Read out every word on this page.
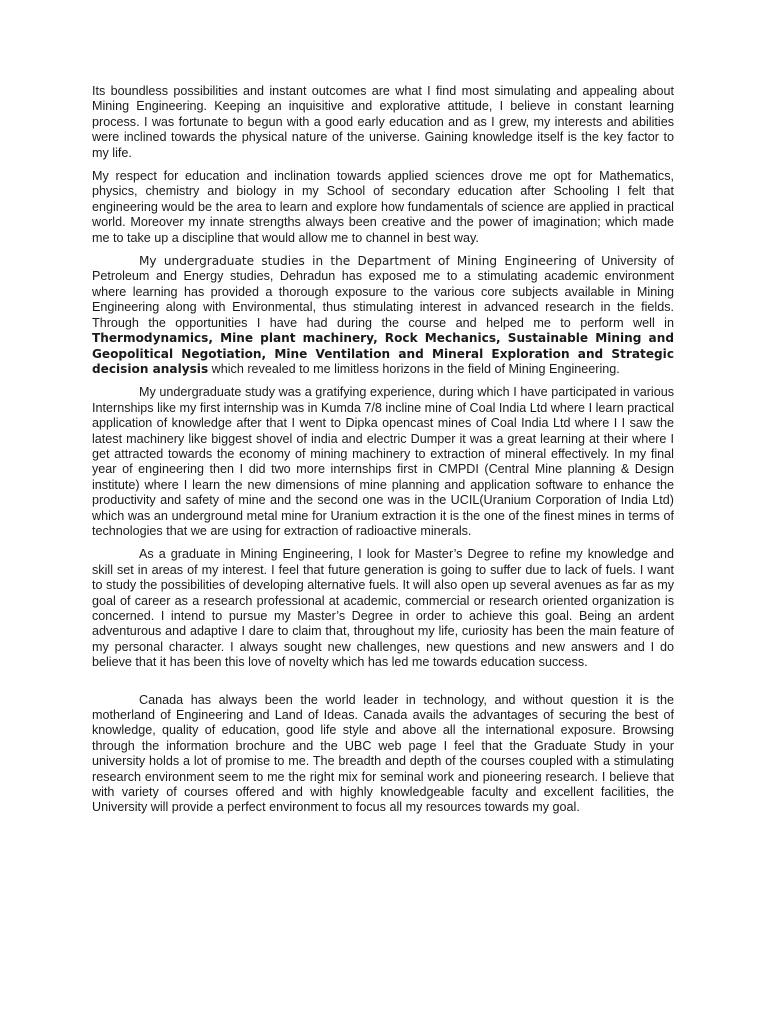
Its boundless possibilities and instant outcomes are what I find most simulating and appealing about Mining Engineering. Keeping an inquisitive and explorative attitude, I believe in constant learning process. I was fortunate to begun with a good early education and as I grew, my interests and abilities were inclined towards the physical nature of the universe. Gaining knowledge itself is the key factor to my life.

My respect for education and inclination towards applied sciences drove me opt for Mathematics, physics, chemistry and biology in my School of secondary education after Schooling I felt that engineering would be the area to learn and explore how fundamentals of science are applied in practical world. Moreover my innate strengths always been creative and the power of imagination; which made me to take up a discipline that would allow me to channel in best way.

My undergraduate studies in the Department of Mining Engineering of University of Petroleum and Energy studies, Dehradun has exposed me to a stimulating academic environment where learning has provided a thorough exposure to the various core subjects available in Mining Engineering along with Environmental, thus stimulating interest in advanced research in the fields. Through the opportunities I have had during the course and helped me to perform well in Thermodynamics, Mine plant machinery, Rock Mechanics, Sustainable Mining and Geopolitical Negotiation, Mine Ventilation and Mineral Exploration and Strategic decision analysis which revealed to me limitless horizons in the field of Mining Engineering.

My undergraduate study was a gratifying experience, during which I have participated in various Internships like my first internship was in Kumda 7/8 incline mine of Coal India Ltd where I learn practical application of knowledge after that I went to Dipka opencast mines of Coal India Ltd where I I saw the latest machinery like biggest shovel of india and electric Dumper it was a great learning at their where I get attracted towards the economy of mining machinery to extraction of mineral effectively. In my final year of engineering then I did two more internships first in CMPDI (Central Mine planning & Design institute) where I learn the new dimensions of mine planning and application software to enhance the productivity and safety of mine and the second one was in the UCIL(Uranium Corporation of India Ltd) which was an underground metal mine for Uranium extraction it is the one of the finest mines in terms of technologies that we are using for extraction of radioactive minerals.

As a graduate in Mining Engineering, I look for Master’s Degree to refine my knowledge and skill set in areas of my interest. I feel that future generation is going to suffer due to lack of fuels. I want to study the possibilities of developing alternative fuels. It will also open up several avenues as far as my goal of career as a research professional at academic, commercial or research oriented organization is concerned. I intend to pursue my Master’s Degree in order to achieve this goal. Being an ardent adventurous and adaptive I dare to claim that, throughout my life, curiosity has been the main feature of my personal character. I always sought new challenges, new questions and new answers and I do believe that it has been this love of novelty which has led me towards education success.

Canada has always been the world leader in technology, and without question it is the motherland of Engineering and Land of Ideas. Canada avails the advantages of securing the best of knowledge, quality of education, good life style and above all the international exposure. Browsing through the information brochure and the UBC web page I feel that the Graduate Study in your university holds a lot of promise to me. The breadth and depth of the courses coupled with a stimulating research environment seem to me the right mix for seminal work and pioneering research. I believe that with variety of courses offered and with highly knowledgeable faculty and excellent facilities, the University will provide a perfect environment to focus all my resources towards my goal.
